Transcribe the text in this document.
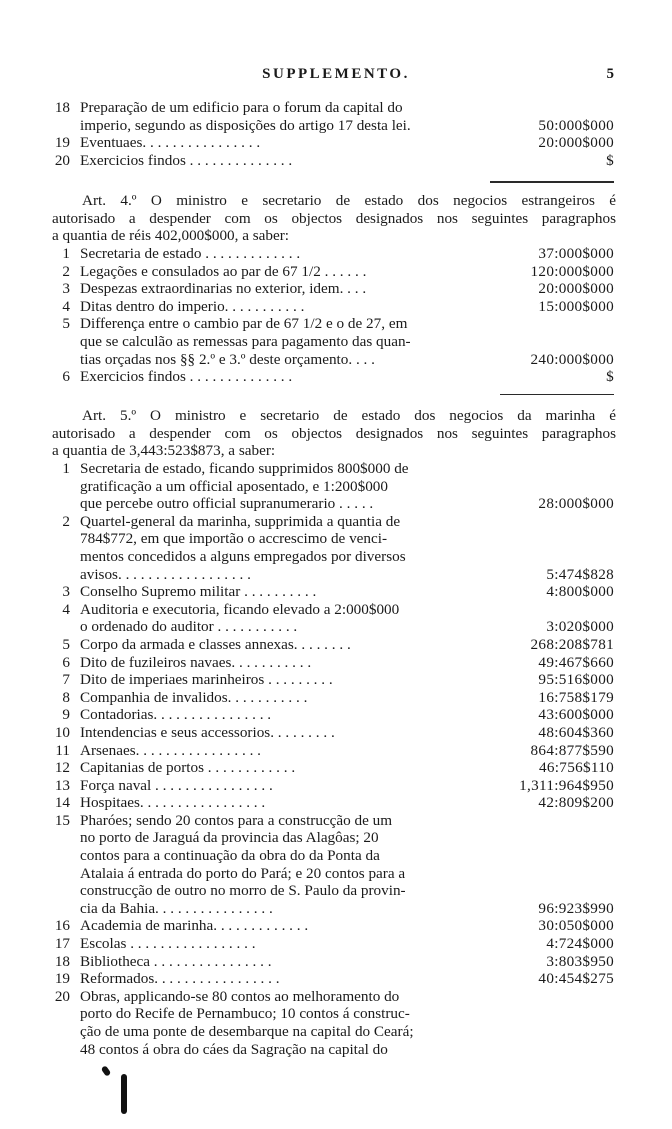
SUPPLEMENTO.	5
18 Preparação de um edificio para o forum da capital do
imperio, segundo as disposições do artigo 17 desta lei.	50:000$000
19 Eventuaes. . . . . . . . . . . . . . . .	20:000$000
20 Exercicios findos . . . . . . . . . . . . . .	$
Art. 4.º O ministro e secretario de estado dos negocios estrangeiros é
autorisado a despender com os objectos designados nos seguintes paragraphos
a quantia de réis 402,000$000, a saber:
1 Secretaria de estado . . . . . . . . . . . . .	37:000$000
2 Legações e consulados ao par de 67 1/2 . . . . . .	120:000$000
3 Despezas extraordinarias no exterior, idem. . . .	20:000$000
4 Ditas dentro do imperio. . . . . . . . . . .	15:000$000
5 Differença entre o cambio par de 67 1/2 e o de 27, em
que se calculão as remessas para pagamento das quan-
tias orçadas nos §§ 2.º e 3.º deste orçamento. . . .	240:000$000
6 Exercicios findos . . . . . . . . . . . . . .	$
Art. 5.º O ministro e secretario de estado dos negocios da marinha é
autorisado a despender com os objectos designados nos seguintes paragraphos
a quantia de 3,443:523$873, a saber:
1 Secretaria de estado, ficando supprimidos 800$000 de
gratificação a um official aposentado, e 1:200$000
que percebe outro official supranumerario . . . . .	28:000$000
2 Quartel-general da marinha, supprimida a quantia de
784$772, em que importão o accrescimo de venci-
mentos concedidos a alguns empregados por diversos
avisos. . . . . . . . . . . . . . . . . .	5:474$828
3 Conselho Supremo militar . . . . . . . . . .	4:800$000
4 Auditoria e executoria, ficando elevado a 2:000$000
o ordenado do auditor . . . . . . . . . . .	3:020$000
5 Corpo da armada e classes annexas. . . . . . . .	268:208$781
6 Dito de fuzileiros navaes. . . . . . . . . . .	49:467$660
7 Dito de imperiaes marinheiros . . . . . . . . .	95:516$000
8 Companhia de invalidos. . . . . . . . . . .	16:758$179
9 Contadorias. . . . . . . . . . . . . . . .	43:600$000
10 Intendencias e seus accessorios. . . . . . . . .	48:604$360
11 Arsenaes. . . . . . . . . . . . . . . . .	864:877$590
12 Capitanias de portos . . . . . . . . . . . .	46:756$110
13 Força naval . . . . . . . . . . . . . . . .	1,311:964$950
14 Hospitaes. . . . . . . . . . . . . . . . .	42:809$200
15 Pharóes; sendo 20 contos para a construcção de um
no porto de Jaraguá da provincia das Alagôas; 20
contos para a continuação da obra do da Ponta da
Atalaia á entrada do porto do Pará; e 20 contos para a
construcção de outro no morro de S. Paulo da provin-
cia da Bahia. . . . . . . . . . . . . . . .	96:923$990
16 Academia de marinha. . . . . . . . . . . . .	30:050$000
17 Escolas . . . . . . . . . . . . . . . . .	4:724$000
18 Bibliotheca . . . . . . . . . . . . . . . .	3:803$950
19 Reformados. . . . . . . . . . . . . . . . .	40:454$275
20 Obras, applicando-se 80 contos ao melhoramento do
porto do Recife de Pernambuco; 10 contos á construc-
ção de uma ponte de desembarque na capital do Ceará;
48 contos á obra do cáes da Sagração na capital do
